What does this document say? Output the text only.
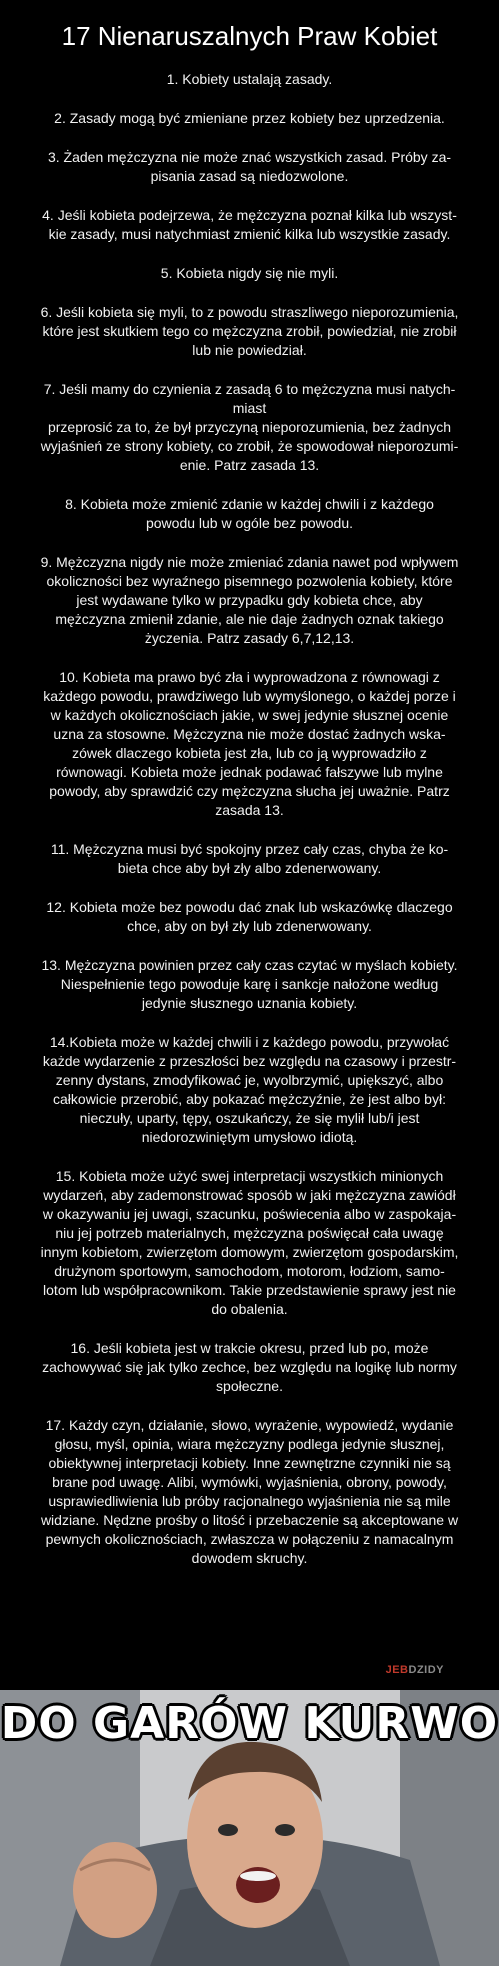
17 Nienaruszalnych Praw Kobiet
1. Kobiety ustalają zasady.
2. Zasady mogą być zmieniane przez kobiety bez uprzedzenia.
3. Żaden mężczyzna nie może znać wszystkich zasad. Próby za-
pisania zasad są niedozwolone.
4. Jeśli kobieta podejrzewa, że mężczyzna poznał kilka lub wszyst-
kie zasady, musi natychmiast zmienić kilka lub wszystkie zasady.
5. Kobieta nigdy się nie myli.
6. Jeśli kobieta się myli, to z powodu straszliwego nieporozumienia,
które jest skutkiem tego co mężczyzna zrobił, powiedział, nie zrobił
lub nie powiedział.
7. Jeśli mamy do czynienia z zasadą 6 to mężczyzna musi natych-
miast
przeprosić za to, że był przyczyną nieporozumienia, bez żadnych
wyjaśnień ze strony kobiety, co zrobił, że spowodował nieporozumi-
enie. Patrz zasada 13.
8. Kobieta może zmienić zdanie w każdej chwili i z każdego
powodu lub w ogóle bez powodu.
9. Mężczyzna nigdy nie może zmieniać zdania nawet pod wpływem
okoliczności bez wyraźnego pisemnego pozwolenia kobiety, które
jest wydawane tylko w przypadku gdy kobieta chce, aby
mężczyzna zmienił zdanie, ale nie daje żadnych oznak takiego
życzenia. Patrz zasady 6,7,12,13.
10. Kobieta ma prawo być zła i wyprowadzona z równowagi z
każdego powodu, prawdziwego lub wymyślonego, o każdej porze i
w każdych okolicznościach jakie, w swej jedynie słusznej ocenie
uzna za stosowne. Mężczyzna nie może dostać żadnych wska-
zówek dlaczego kobieta jest zła, lub co ją wyprowadziło z
równowagi. Kobieta może jednak podawać fałszywe lub mylne
powody, aby sprawdzić czy mężczyzna słucha jej uważnie. Patrz
zasada 13.
11. Mężczyzna musi być spokojny przez cały czas, chyba że ko-
bieta chce aby był zły albo zdenerwowany.
12. Kobieta może bez powodu dać znak lub wskazówkę dlaczego
chce, aby on był zły lub zdenerwowany.
13. Mężczyzna powinien przez cały czas czytać w myślach kobiety.
Niespełnienie tego powoduje karę i sankcje nałożone według
jedynie słusznego uznania kobiety.
14.Kobieta może w każdej chwili i z każdego powodu, przywołać
każde wydarzenie z przeszłości bez względu na czasowy i przestr-
zenny dystans, zmodyfikować je, wyolbrzymić, upiększyć, albo
całkowicie przerobić, aby pokazać mężczyźnie, że jest albo był:
nieczuły, uparty, tępy, oszukańczy, że się mylił lub/i jest
niedorozwiniętym umysłowo idiotą.
15. Kobieta może użyć swej interpretacji wszystkich minionych
wydarzeń, aby zademonstrować sposób w jaki mężczyzna zawiódł
w okazywaniu jej uwagi, szacunku, poświecenia albo w zaspokaja-
niu jej potrzeb materialnych, mężczyzna poświęcał cała uwagę
innym kobietom, zwierzętom domowym, zwierzętom gospodarskim,
drużynom sportowym, samochodom, motorom, łodziom, samo-
lotom lub współpracownikom. Takie przedstawienie sprawy jest nie
do obalenia.
16. Jeśli kobieta jest w trakcie okresu, przed lub po, może
zachowywać się jak tylko zechce, bez względu na logikę lub normy
społeczne.
17. Każdy czyn, działanie, słowo, wyrażenie, wypowiedź, wydanie
głosu, myśl, opinia, wiara mężczyzny podlega jedynie słusznej,
obiektywnej interpretacji kobiety. Inne zewnętrzne czynniki nie są
brane pod uwagę. Alibi, wymówki, wyjaśnienia, obrony, powody,
usprawiedliwienia lub próby racjonalnego wyjaśnienia nie są mile
widziane. Nędzne prośby o litość i przebaczenie są akceptowane w
pewnych okolicznościach, zwłaszcza w połączeniu z namacalnym
dowodem skruchy.
JEBDZIDY
DO GARÓW KURWO
